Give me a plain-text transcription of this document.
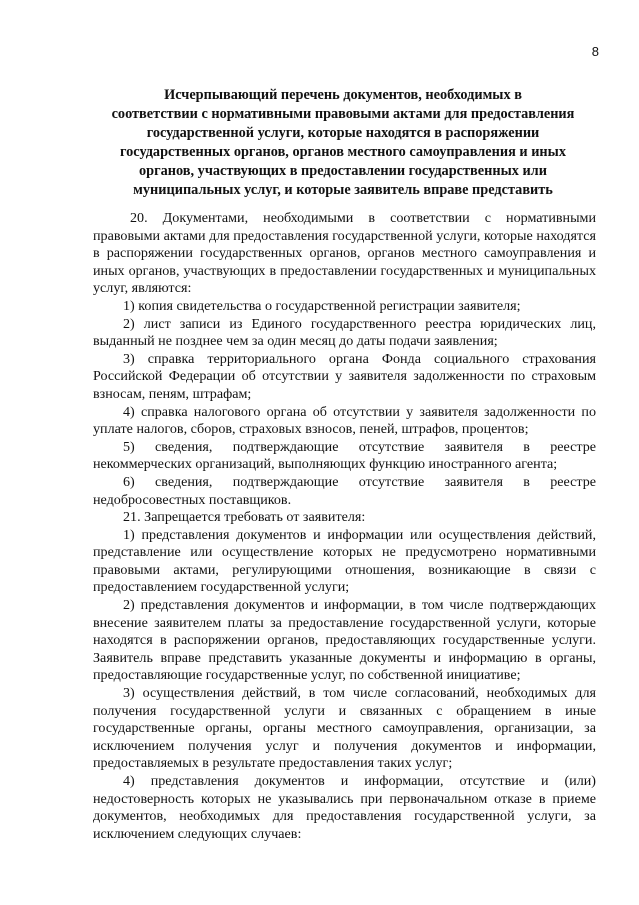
8
Исчерпывающий перечень документов, необходимых в
соответствии с нормативными правовыми актами для предоставления
государственной услуги, которые находятся в распоряжении
государственных органов, органов местного самоуправления и иных
органов, участвующих в предоставлении государственных или
муниципальных услуг, и которые заявитель вправе представить

20. Документами, необходимыми в соответствии с нормативными правовыми актами для предоставления государственной услуги, которые находятся в распоряжении государственных органов, органов местного самоуправления и иных органов, участвующих в предоставлении государственных и муниципальных услуг, являются:

1) копия свидетельства о государственной регистрации заявителя;

2) лист записи из Единого государственного реестра юридических лиц, выданный не позднее чем за один месяц до даты подачи заявления;

3) справка территориального органа Фонда социального страхования Российской Федерации об отсутствии у заявителя задолженности по страховым взносам, пеням, штрафам;

4) справка налогового органа об отсутствии у заявителя задолженности по уплате налогов, сборов, страховых взносов, пеней, штрафов, процентов;

5) сведения, подтверждающие отсутствие заявителя в реестре некоммерческих организаций, выполняющих функцию иностранного агента;

6) сведения, подтверждающие отсутствие заявителя в реестре недобросовестных поставщиков.

21. Запрещается требовать от заявителя:

1) представления документов и информации или осуществления действий, представление или осуществление которых не предусмотрено нормативными правовыми актами, регулирующими отношения, возникающие в связи с предоставлением государственной услуги;

2) представления документов и информации, в том числе подтверждающих внесение заявителем платы за предоставление государственной услуги, которые находятся в распоряжении органов, предоставляющих государственные услуги. Заявитель вправе представить указанные документы и информацию в органы, предоставляющие государственные услуг, по собственной инициативе;

3) осуществления действий, в том числе согласований, необходимых для получения государственной услуги и связанных с обращением в иные государственные органы, органы местного самоуправления, организации, за исключением получения услуг и получения документов и информации, предоставляемых в результате предоставления таких услуг;

4) представления документов и информации, отсутствие и (или) недостоверность которых не указывались при первоначальном отказе в приеме документов, необходимых для предоставления государственной услуги, за исключением следующих случаев:
